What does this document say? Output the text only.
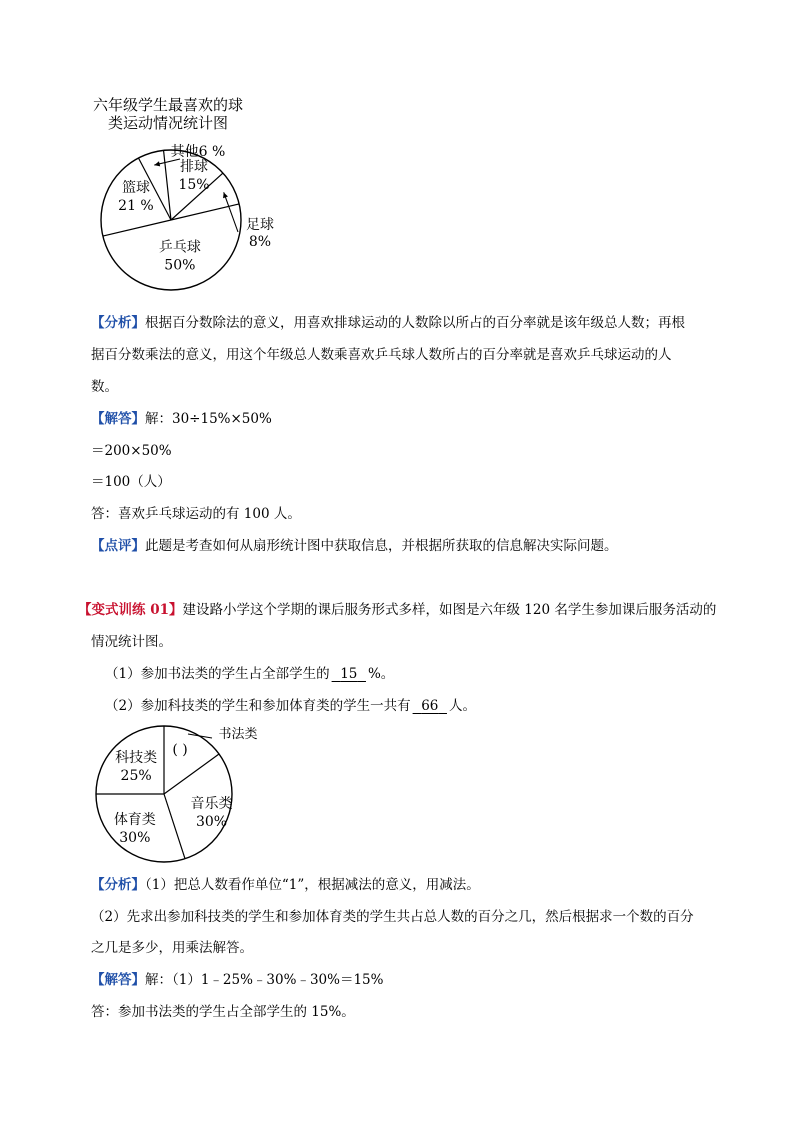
六年级学生最喜欢的球
类运动情况统计图
乒乓球
50%
篮球
21 %
其他6 %
排球
15%
足球
8%
【分析】根据百分数除法的意义，用喜欢排球运动的人数除以所占的百分率就是该年级总人数；再根
据百分数乘法的意义，用这个年级总人数乘喜欢乒乓球人数所占的百分率就是喜欢乒乓球运动的人
数。
【解答】解：30÷15%×50%
＝200×50%
＝100（人）
答：喜欢乒乓球运动的有 100 人。
【点评】此题是考查如何从扇形统计图中获取信息，并根据所获取的信息解决实际问题。
【变式训练 01】建设路小学这个学期的课后服务形式多样，如图是六年级 120 名学生参加课后服务活动的
情况统计图。
（1）参加书法类的学生占全部学生的 15 %。
（2）参加科技类的学生和参加体育类的学生一共有 66 人。
书法类
音乐类
30%
体育类
30%
科技类
25%
( )
【分析】（1）把总人数看作单位“1”，根据减法的意义，用减法。
（2）先求出参加科技类的学生和参加体育类的学生共占总人数的百分之几，然后根据求一个数的百分
之几是多少，用乘法解答。
【解答】解：（1）1﹣25%﹣30%﹣30%＝15%
答：参加书法类的学生占全部学生的 15%。
